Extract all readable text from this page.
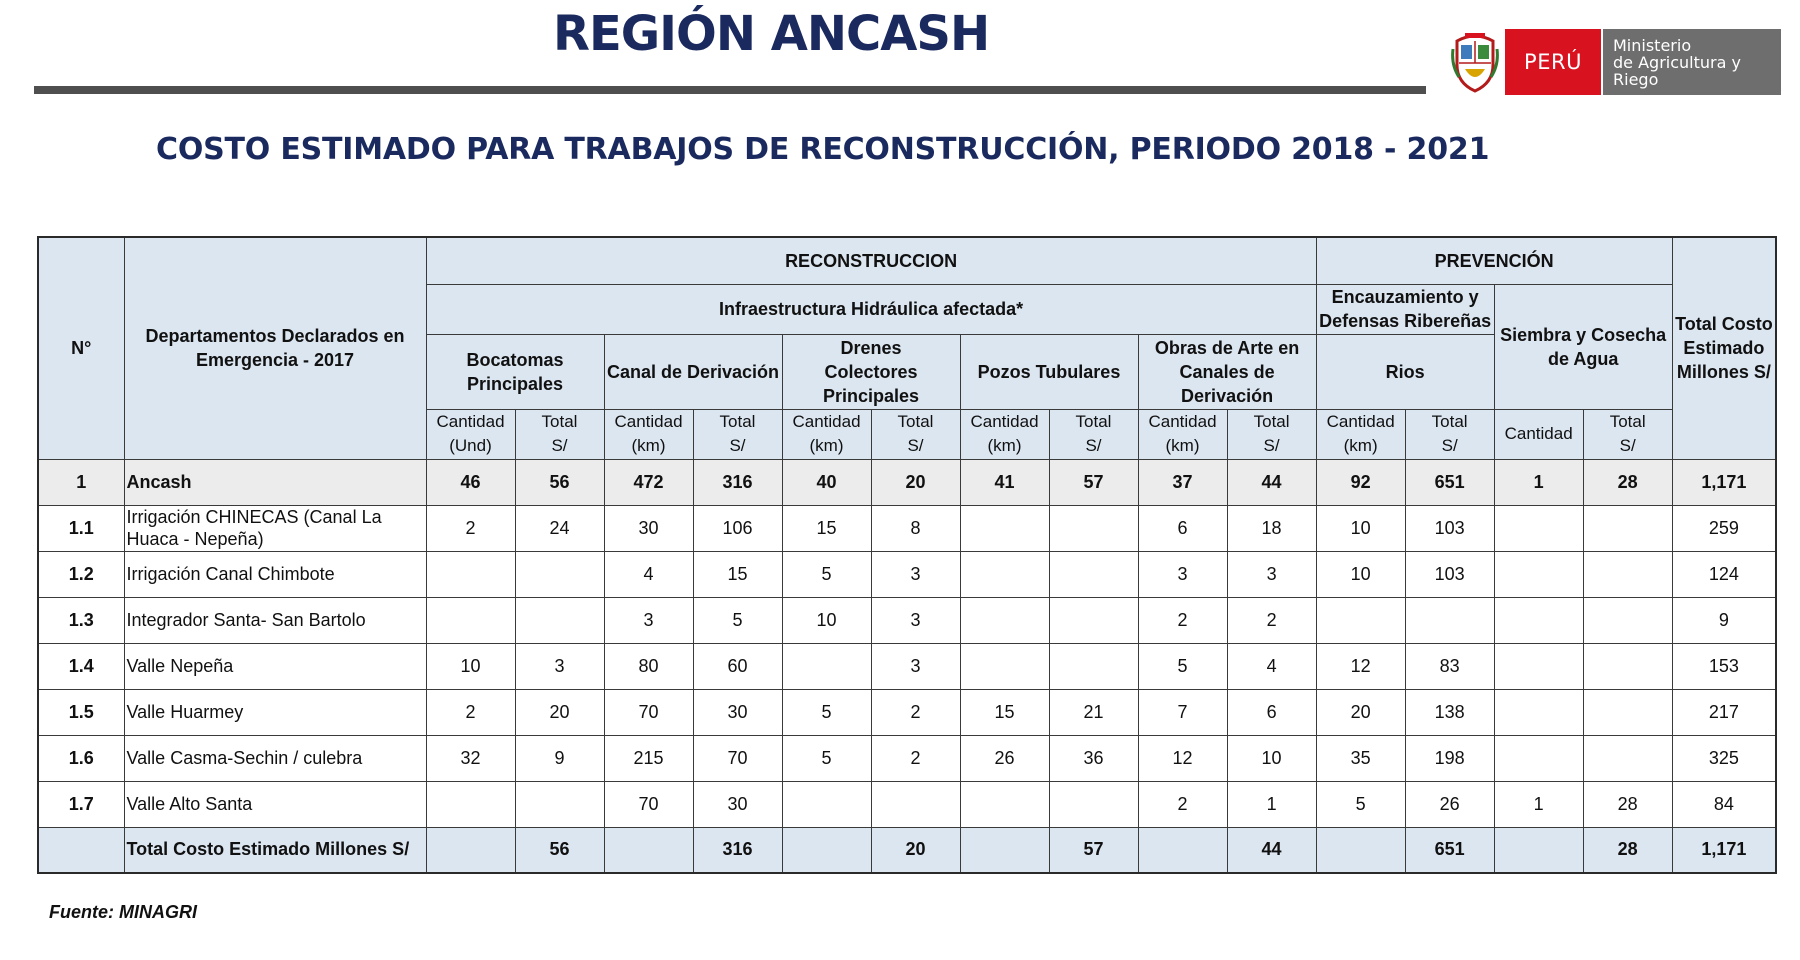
REGIÓN ANCASH	PERÚ
Ministerio
de Agricultura y Riego
COSTO ESTIMADO PARA TRABAJOS DE RECONSTRUCCIÓN, PERIODO 2018 - 2021
N°	Departamentos Declarados en Emergencia - 2017	RECONSTRUCCION										PREVENCIÓN				Total Costo Estimado Millones S/
		Infraestructura Hidráulica afectada*										Encauzamiento y Defensas Ribereñas		Siembra y Cosecha de Agua		
		Bocatomas Principales		Canal de Derivación		Drenes Colectores Principales		Pozos Tubulares		Obras de Arte en Canales de Derivación		Rios				
		Cantidad (Und)	Total S/	Cantidad (km)	Total S/	Cantidad (km)	Total S/	Cantidad (km)	Total S/	Cantidad (km)	Total S/	Cantidad (km)	Total S/	Cantidad	Total S/	
1	Ancash	46	56	472	316	40	20	41	57	37	44	92	651	1	28	1,171
1.1	Irrigación CHINECAS (Canal La Huaca - Nepeña)	2	24	30	106	15	8			6	18	10	103			259
1.2	Irrigación Canal Chimbote			4	15	5	3			3	3	10	103			124
1.3	Integrador Santa- San Bartolo			3	5	10	3			2	2					9
1.4	Valle Nepeña	10	3	80	60		3			5	4	12	83			153
1.5	Valle Huarmey	2	20	70	30	5	2	15	21	7	6	20	138			217
1.6	Valle Casma-Sechin / culebra	32	9	215	70	5	2	26	36	12	10	35	198			325
1.7	Valle Alto Santa			70	30					2	1	5	26	1	28	84
	Total Costo Estimado Millones S/		56		316		20		57		44		651		28	1,171

Fuente: MINAGRI
